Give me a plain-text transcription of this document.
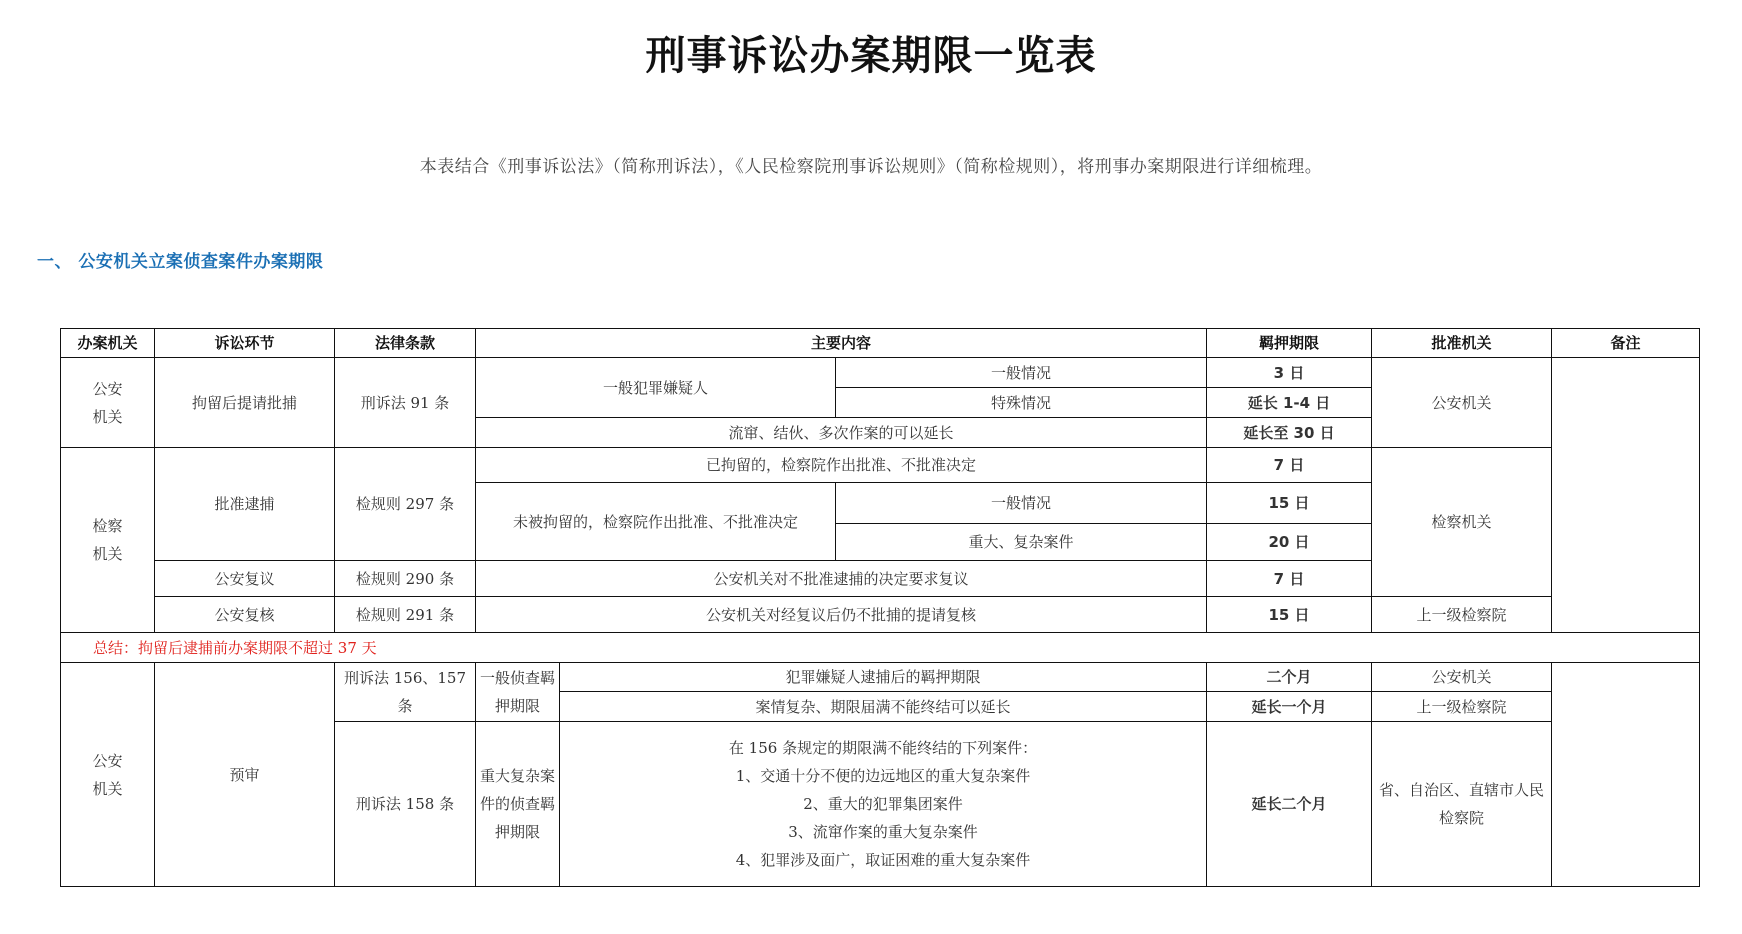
刑事诉讼办案期限一览表
本表结合《刑事诉讼法》（简称刑诉法），《人民检察院刑事诉讼规则》（简称检规则），将刑事办案期限进行详细梳理。
一、 公安机关立案侦查案件办案期限
办案机关	诉讼环节	法律条款	主要内容			羁押期限	批准机关	备注

公安
机关	拘留后提请批捕	刑诉法 91 条	一般犯罪嫌疑人		一般情况	3 日	公安机关	
					特殊情况	延长 1-4 日		
			流窜、结伙、多次作案的可以延长			延长至 30 日		

检察
机关	批准逮捕	检规则 297 条	已拘留的，检察院作出批准、不批准决定			7 日	检察机关	
			未被拘留的，检察院作出批准、不批准决定		一般情况	15 日		
					重大、复杂案件	20 日		
	公安复议	检规则 290 条	公安机关对不批准逮捕的决定要求复议			7 日		
	公安复核	检规则 291 条	公安机关对经复议后仍不批捕的提请复核			15 日	上一级检察院	
总结：拘留后逮捕前办案期限不超过 37 天								

公安
机关	预审	刑诉法 156、157 条	一般侦查羁押期限	犯罪嫌疑人逮捕后的羁押期限		二个月	公安机关	
				案情复杂、期限届满不能终结可以延长		延长一个月	上一级检察院	
		刑诉法 158 条	重大复杂案件的侦查羁押期限	在 156 条规定的期限满不能终结的下列案件：
1、交通十分不便的边远地区的重大复杂案件
2、重大的犯罪集团案件
3、流窜作案的重大复杂案件
4、犯罪涉及面广，取证困难的重大复杂案件		延长二个月	省、自治区、直辖市人民检察院	
